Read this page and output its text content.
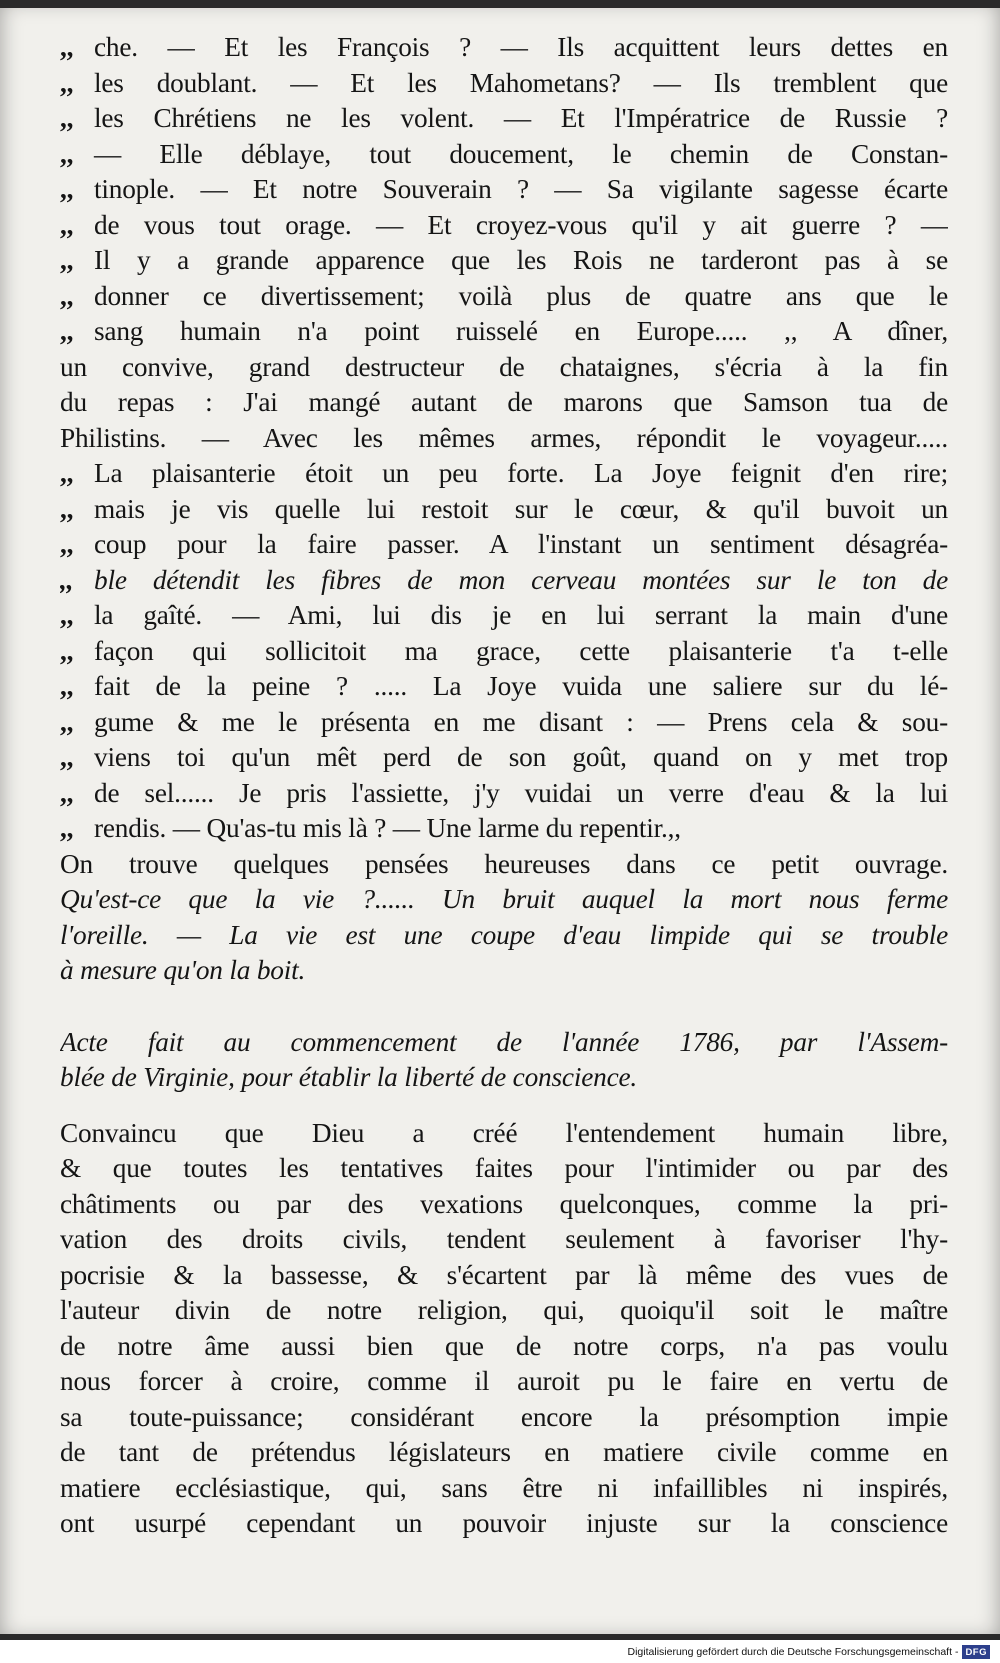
,, che. — Et les François ? — Ils acquittent leurs dettes en
,, les doublant. — Et les Mahometans? — Ils tremblent que
,, les Chrétiens ne les volent. — Et l'Impératrice de Russie ?
,, — Elle déblaye, tout doucement, le chemin de Constan-
,, tinople. — Et notre Souverain ? — Sa vigilante sagesse écarte
,, de vous tout orage. — Et croyez-vous qu'il y ait guerre ? —
,, Il y a grande apparence que les Rois ne tarderont pas à se
,, donner ce divertissement; voilà plus de quatre ans que le
,, sang humain n'a point ruisselé en Europe..... ,, A dîner,
un convive, grand destructeur de chataignes, s'écria à la fin
du repas : J'ai mangé autant de marons que Samson tua de
Philistins. — Avec les mêmes armes, répondit le voyageur.....
,, La plaisanterie étoit un peu forte. La Joye feignit d'en rire;
,, mais je vis quelle lui restoit sur le cœur, & qu'il buvoit un
,, coup pour la faire passer. A l'instant un sentiment désagréa-
,, ble détendit les fibres de mon cerveau montées sur le ton de
,, la gaîté. — Ami, lui dis je en lui serrant la main d'une
,, façon qui sollicitoit ma grace, cette plaisanterie t'a t-elle
,, fait de la peine ? ..... La Joye vuida une saliere sur du lé-
,, gume & me le présenta en me disant : — Prens cela & sou-
,, viens toi qu'un mêt perd de son goût, quand on y met trop
,, de sel...... Je pris l'assiette, j'y vuidai un verre d'eau & la lui
,, rendis. — Qu'as-tu mis là ? — Une larme du repentir.,,
On trouve quelques pensées heureuses dans ce petit ouvrage.
Qu'est-ce que la vie ?...... Un bruit auquel la mort nous ferme
l'oreille. — La vie est une coupe d'eau limpide qui se trouble
à mesure qu'on la boit.
Acte fait au commencement de l'année 1786, par l'Assem-
blée de Virginie, pour établir la liberté de conscience.
Convaincu que Dieu a créé l'entendement humain libre,
& que toutes les tentatives faites pour l'intimider ou par des
châtiments ou par des vexations quelconques, comme la pri-
vation des droits civils, tendent seulement à favoriser l'hy-
pocrisie & la bassesse, & s'écartent par là même des vues de
l'auteur divin de notre religion, qui, quoiqu'il soit le maître
de notre âme aussi bien que de notre corps, n'a pas voulu
nous forcer à croire, comme il auroit pu le faire en vertu de
sa toute-puissance; considérant encore la présomption impie
de tant de prétendus législateurs en matiere civile comme en
matiere ecclésiastique, qui, sans être ni infaillibles ni inspirés,
ont usurpé cependant un pouvoir injuste sur la conscience
Digitalisierung gefördert durch die Deutsche Forschungsgemeinschaft - DFG
